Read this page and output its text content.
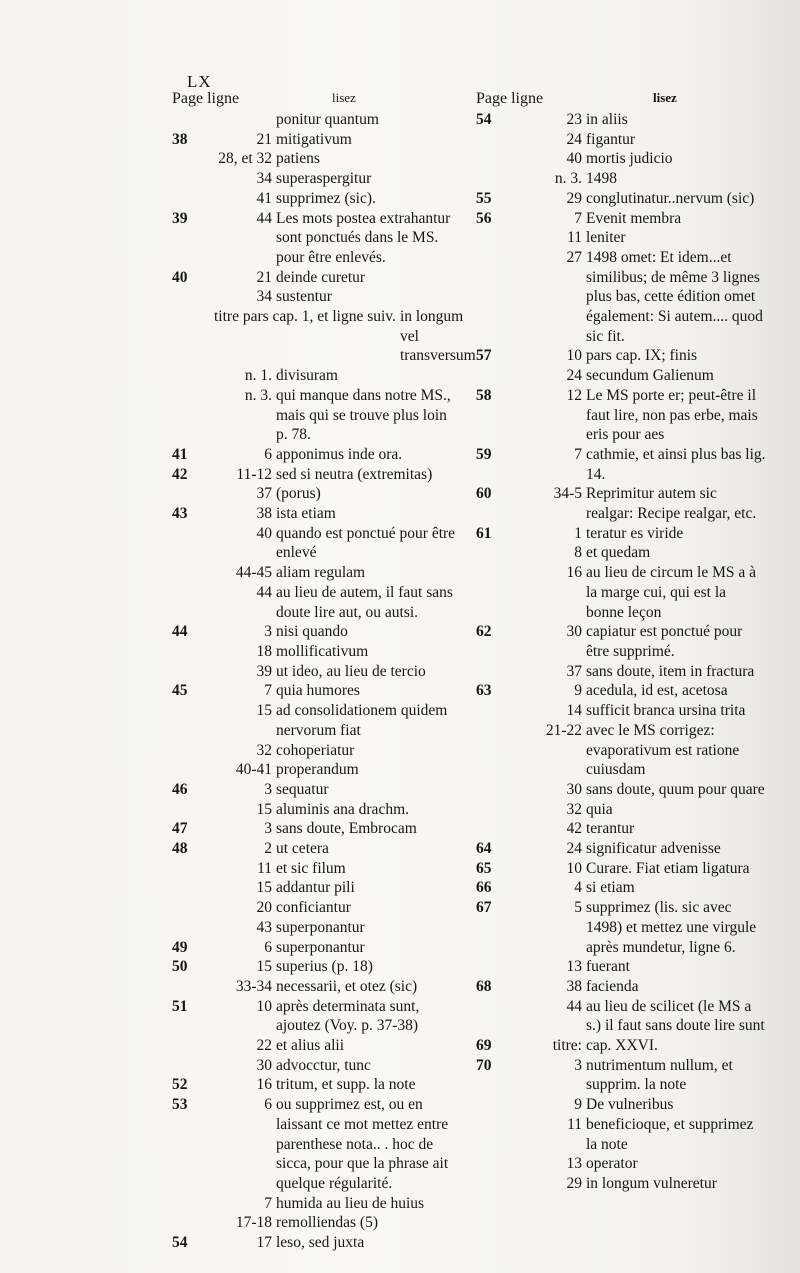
LX
Page ligne	lisez
ponitur quantum
38	21 mitigativum
28, et 32 patiens
34 superaspergitur
41 supprimez (sic).
39	44 Les mots postea extrahantur sont ponctués dans le MS. pour être enlevés.
40	21 deinde curetur
34 sustentur
titre pars cap. 1, et ligne suiv. in longum vel transversum
n. 1. divisuram
n. 3. qui manque dans notre MS., mais qui se trouve plus loin p. 78.
41	6 apponimus inde ora.
42	11-12 sed si neutra (extremitas)
37 (porus)
43	38 ista etiam
40 quando est ponctué pour être enlevé
44-45 aliam regulam
44 au lieu de autem, il faut sans doute lire aut, ou autsi.
44	3 nisi quando
18 mollificativum
39 ut ideo, au lieu de tercio
45	7 quia humores
15 ad consolidationem quidem nervorum fiat
32 cohoperiatur
40-41 properandum
46	3 sequatur
15 aluminis ana drachm.
47	3 sans doute, Embrocam
48	2 ut cetera
11 et sic filum
15 addantur pili
20 conficiantur
43 superponantur
49	6 superponantur
50	15 superius (p. 18)
33-34 necessarii, et otez (sic)
51	10 après determinata sunt, ajoutez (Voy. p. 37-38)
22 et alius alii
30 advocctur, tunc
52	16 tritum, et supp. la note
53	6 ou supprimez est, ou en laissant ce mot mettez entre parenthese nota.. . hoc de sicca, pour que la phrase ait quelque régularité.
7 humida au lieu de huius
17-18 remolliendas (5)
54	17 leso, sed juxta
Page ligne	lisez
54	23 in aliis
24 figantur
40 mortis judicio
n. 3. 1498
55	29 conglutinatur..nervum (sic)
56	7 Evenit membra
11 leniter
27 1498 omet: Et idem...et similibus; de même 3 lignes plus bas, cette édition omet également: Si autem.... quod sic fit.
57	10 pars cap. IX; finis
24 secundum Galienum
58	12 Le MS porte er; peut-être il faut lire, non pas erbe, mais eris pour aes
59	7 cathmie, et ainsi plus bas lig. 14.
60	34-5 Reprimitur autem sic realgar: Recipe realgar, etc.
61	1 teratur es viride
8 et quedam
16 au lieu de circum le MS a à la marge cui, qui est la bonne leçon
62	30 capiatur est ponctué pour être supprimé.
37 sans doute, item in fractura
63	9 acedula, id est, acetosa
14 sufficit branca ursina trita
21-22 avec le MS corrigez: evaporativum est ratione cuiusdam
30 sans doute, quum pour quare
32 quia
42 terantur
64	24 significatur advenisse
65	10 Curare. Fiat etiam ligatura
66	4 si etiam
67	5 supprimez (lis. sic avec 1498) et mettez une virgule après mundetur, ligne 6.
13 fuerant
68	38 facienda
44 au lieu de scilicet (le MS a s.) il faut sans doute lire sunt
69	titre: cap. XXVI.
70	3 nutrimentum nullum, et supprim. la note
9 De vulneribus
11 beneficioque, et supprimez la note
13 operator
29 in longum vulneretur
